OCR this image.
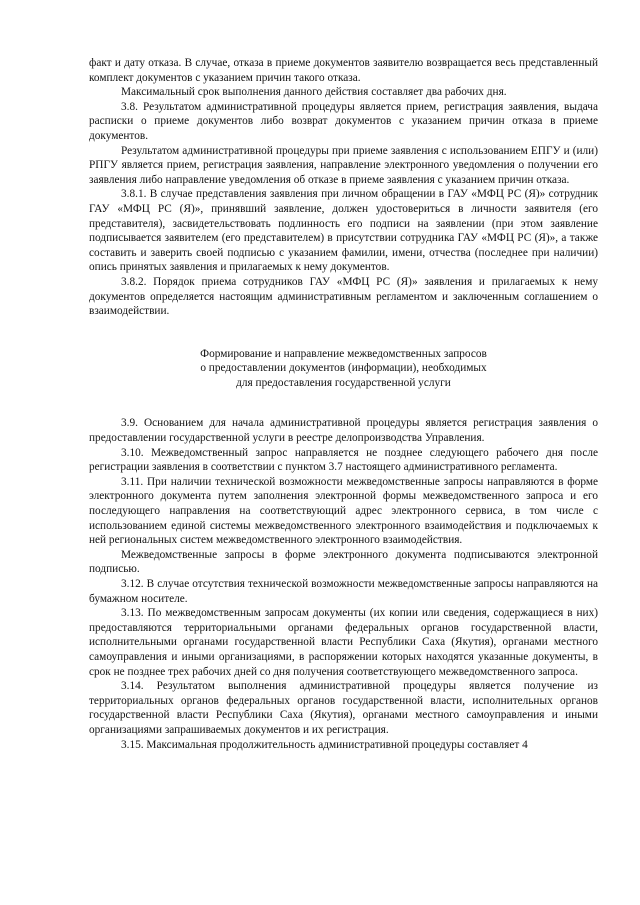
факт и дату отказа. В случае, отказа в приеме документов заявителю возвращается весь представленный комплект документов с указанием причин такого отказа.

Максимальный срок выполнения данного действия составляет два рабочих дня.

3.8. Результатом административной процедуры является прием, регистрация заявления, выдача расписки о приеме документов либо возврат документов с указанием причин отказа в приеме документов.

Результатом административной процедуры при приеме заявления с использованием ЕПГУ и (или) РПГУ является прием, регистрация заявления, направление электронного уведомления о получении его заявления либо направление уведомления об отказе в приеме заявления с указанием причин отказа.

3.8.1. В случае представления заявления при личном обращении в ГАУ «МФЦ РС (Я)» сотрудник ГАУ «МФЦ РС (Я)», принявший заявление, должен удостовериться в личности заявителя (его представителя), засвидетельствовать подлинность его подписи на заявлении (при этом заявление подписывается заявителем (его представителем) в присутствии сотрудника ГАУ «МФЦ РС (Я)», а также составить и заверить своей подписью с указанием фамилии, имени, отчества (последнее при наличии) опись принятых заявления и прилагаемых к нему документов.

3.8.2. Порядок приема сотрудников ГАУ «МФЦ РС (Я)» заявления и прилагаемых к нему документов определяется настоящим административным регламентом и заключенным соглашением о взаимодействии.

Формирование и направление межведомственных запросов
о предоставлении документов (информации), необходимых
для предоставления государственной услуги

3.9. Основанием для начала административной процедуры является регистрация заявления о предоставлении государственной услуги в реестре делопроизводства Управления.

3.10. Межведомственный запрос направляется не позднее следующего рабочего дня после регистрации заявления в соответствии с пунктом 3.7 настоящего административного регламента.

3.11. При наличии технической возможности межведомственные запросы направляются в форме электронного документа путем заполнения электронной формы межведомственного запроса и его последующего направления на соответствующий адрес электронного сервиса, в том числе с использованием единой системы межведомственного электронного взаимодействия и подключаемых к ней региональных систем межведомственного электронного взаимодействия.

Межведомственные запросы в форме электронного документа подписываются электронной подписью.

3.12. В случае отсутствия технической возможности межведомственные запросы направляются на бумажном носителе.

3.13. По межведомственным запросам документы (их копии или сведения, содержащиеся в них) предоставляются территориальными органами федеральных органов государственной власти, исполнительными органами государственной власти Республики Саха (Якутия), органами местного самоуправления и иными организациями, в распоряжении которых находятся указанные документы, в срок не позднее трех рабочих дней со дня получения соответствующего межведомственного запроса.

3.14. Результатом выполнения административной процедуры является получение из территориальных органов федеральных органов государственной власти, исполнительных органов государственной власти Республики Саха (Якутия), органами местного самоуправления и иными организациями запрашиваемых документов и их регистрация.

3.15. Максимальная продолжительность административной процедуры составляет 4
